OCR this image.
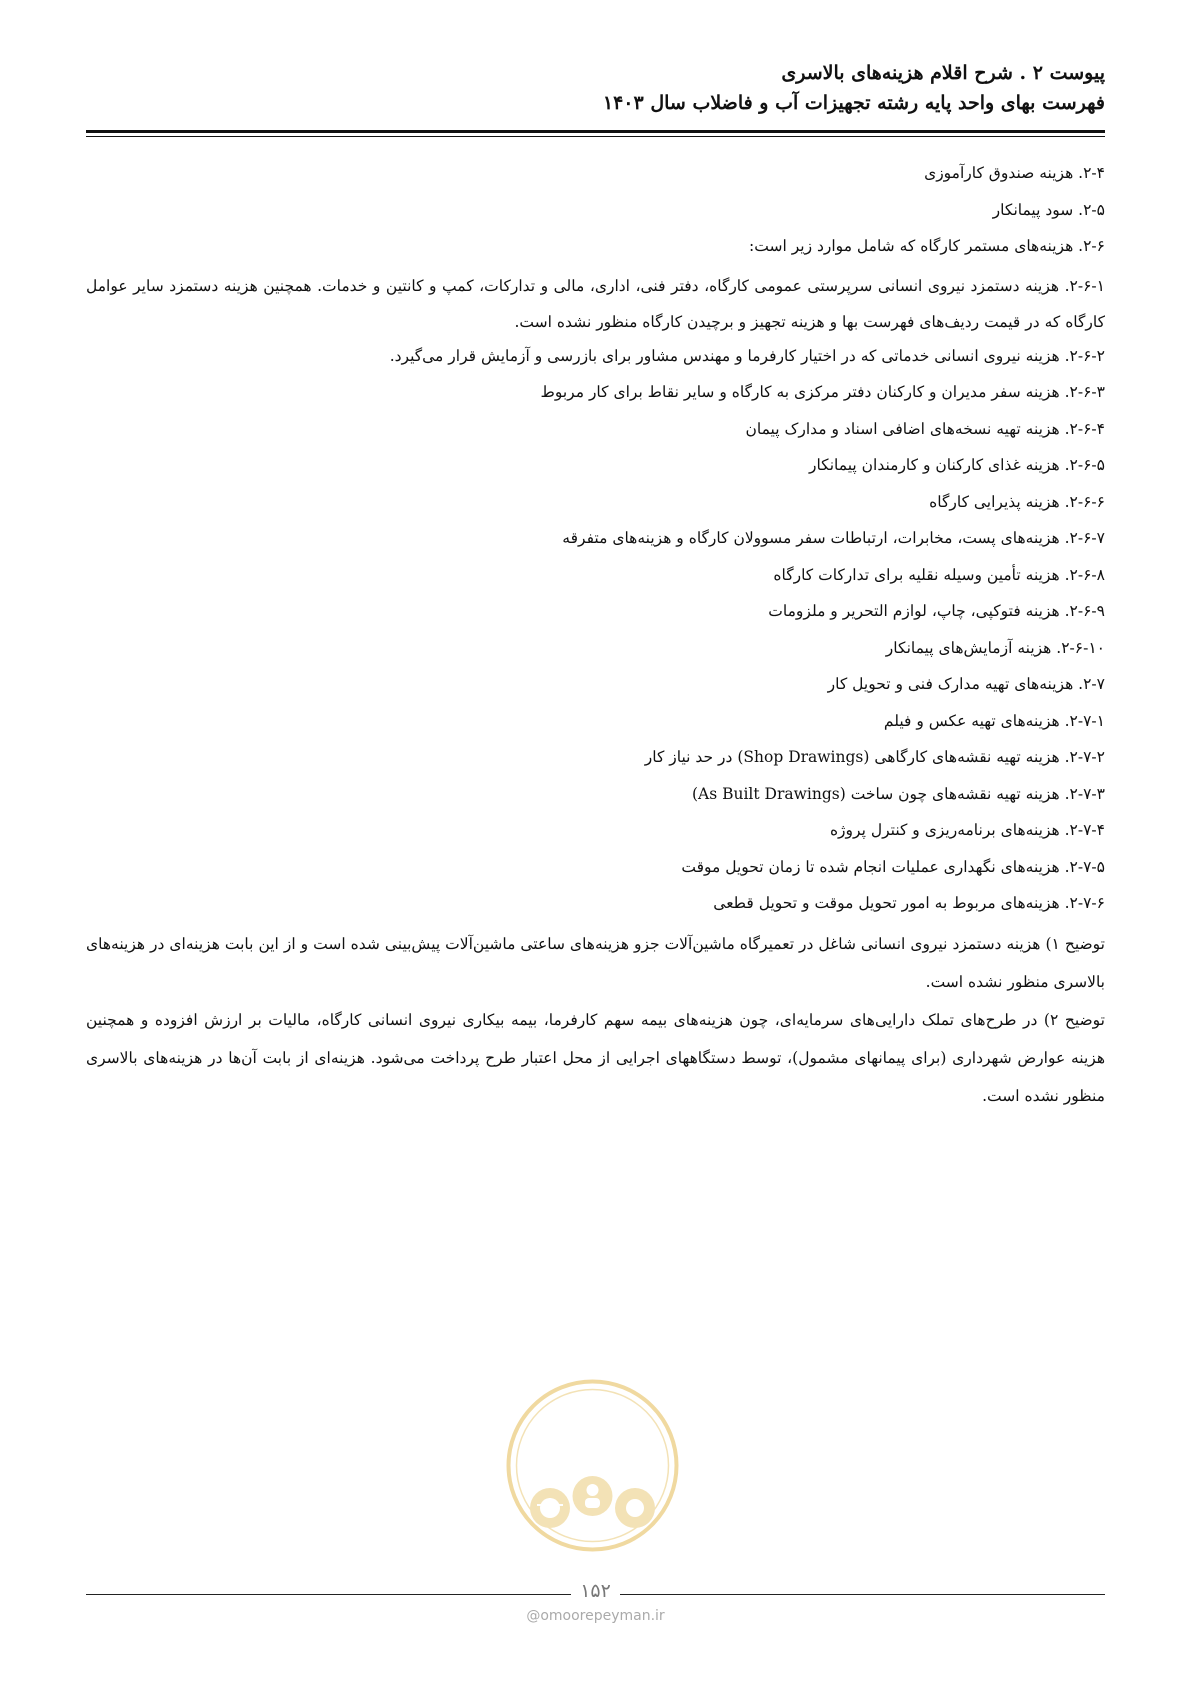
پیوست ۲ . شرح اقلام هزینه‌های بالاسری
فهرست بهای واحد پایه رشته تجهیزات آب و فاضلاب سال ۱۴۰۳
۲-۴. هزینه صندوق کارآموزی
۲-۵. سود پیمانکار
۲-۶. هزینه‌های مستمر کارگاه که شامل موارد زیر است:
۲-۶-۱. هزینه دستمزد نیروی انسانی سرپرستی عمومی کارگاه، دفتر فنی، اداری، مالی و تدارکات، کمپ و کانتین و خدمات. همچنین هزینه دستمزد سایر عوامل کارگاه که در قیمت ردیف‌های فهرست بها و هزینه تجهیز و برچیدن کارگاه منظور نشده است.
۲-۶-۲. هزینه نیروی انسانی خدماتی که در اختیار کارفرما و مهندس مشاور برای بازرسی و آزمایش قرار می‌گیرد.
۲-۶-۳. هزینه سفر مدیران و کارکنان دفتر مرکزی به کارگاه و سایر نقاط برای کار مربوط
۲-۶-۴. هزینه تهیه نسخه‌های اضافی اسناد و مدارک پیمان
۲-۶-۵. هزینه غذای کارکنان و کارمندان پیمانکار
۲-۶-۶. هزینه پذیرایی کارگاه
۲-۶-۷. هزینه‌های پست، مخابرات، ارتباطات سفر مسوولان کارگاه و هزینه‌های متفرقه
۲-۶-۸. هزینه تأمین وسیله نقلیه برای تدارکات کارگاه
۲-۶-۹. هزینه فتوکپی، چاپ، لوازم التحریر و ملزومات
۲-۶-۱۰. هزینه آزمایش‌های پیمانکار
۲-۷. هزینه‌های تهیه مدارک فنی و تحویل کار
۲-۷-۱. هزینه‌های تهیه عکس و فیلم
۲-۷-۲. هزینه تهیه نقشه‌های کارگاهی (Shop Drawings) در حد نیاز کار
۲-۷-۳. هزینه تهیه نقشه‌های چون ساخت (As Built Drawings)
۲-۷-۴. هزینه‌های برنامه‌ریزی و کنترل پروژه
۲-۷-۵. هزینه‌های نگهداری عملیات انجام شده تا زمان تحویل موقت
۲-۷-۶. هزینه‌های مربوط به امور تحویل موقت و تحویل قطعی
توضیح ۱) هزینه دستمزد نیروی انسانی شاغل در تعمیرگاه ماشین‌آلات جزو هزینه‌های ساعتی ماشین‌آلات پیش‌بینی شده است و از این بابت هزینه‌ای در هزینه‌های بالاسری منظور نشده است.
توضیح ۲) در طرح‌های تملک دارایی‌های سرمایه‌ای، چون هزینه‌های بیمه سهم کارفرما، بیمه بیکاری نیروی انسانی کارگاه، مالیات بر ارزش افزوده و همچنین هزینه عوارض شهرداری (برای پیمانهای مشمول)، توسط دستگاههای اجرایی از محل اعتبار طرح پرداخت می‌شود. هزینه‌ای از بابت آن‌ها در هزینه‌های بالاسری منظور نشده است.
۱۵۲
@omoorepeyman.ir
